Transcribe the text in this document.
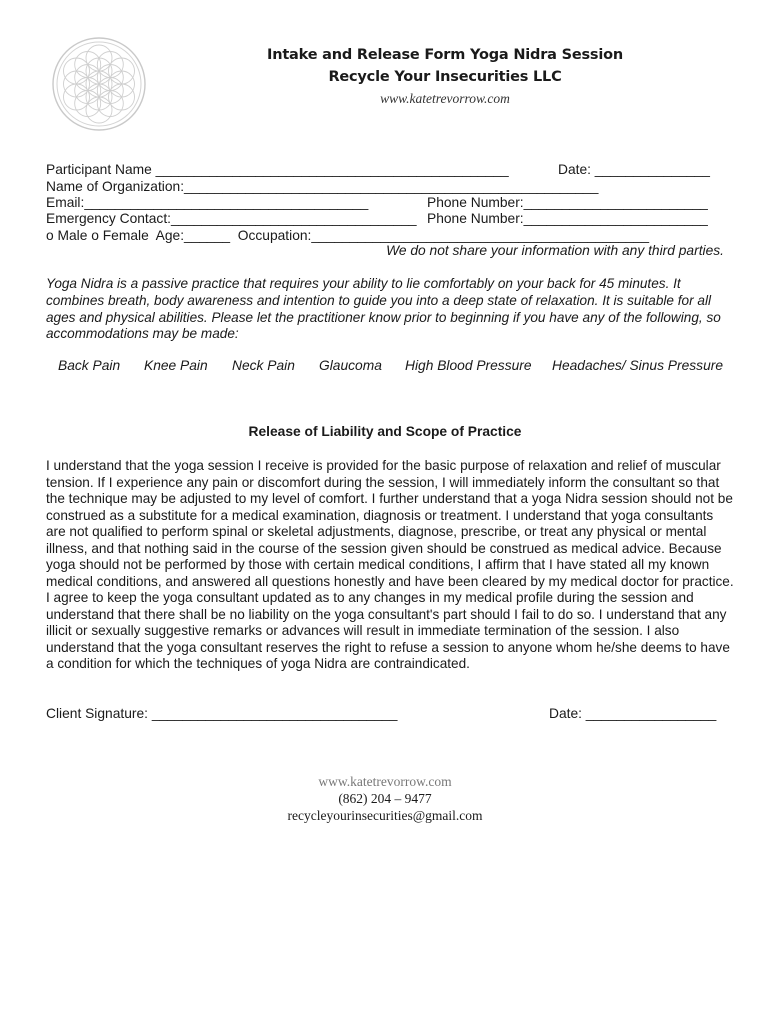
Intake and Release Form Yoga Nidra Session
Recycle Your Insecurities LLC
www.katetrevorrow.com
Participant Name ______________________________________________	Date: _______________
Name of Organization:______________________________________________________
Email:_____________________________________	Phone Number:________________________
Emergency Contact:________________________________ Phone Number:________________________
o Male o Female  Age:______  Occupation:____________________________________________
We do not share your information with any third parties.
Yoga Nidra is a passive practice that requires your ability to lie comfortably on your back for 45 minutes. It combines breath, body awareness and intention to guide you into a deep state of relaxation. It is suitable for all ages and physical abilities. Please let the practitioner know prior to beginning if you have any of the following, so accommodations may be made:
Back Pain Knee Pain Neck Pain Glaucoma High Blood Pressure Headaches/ Sinus Pressure
Release of Liability and Scope of Practice
I understand that the yoga session I receive is provided for the basic purpose of relaxation and relief of muscular tension. If I experience any pain or discomfort during the session, I will immediately inform the consultant so that the technique may be adjusted to my level of comfort. I further understand that a yoga Nidra session should not be construed as a substitute for a medical examination, diagnosis or treatment. I understand that yoga consultants are not qualified to perform spinal or skeletal adjustments, diagnose, prescribe, or treat any physical or mental illness, and that nothing said in the course of the session given should be construed as medical advice. Because yoga should not be performed by those with certain medical conditions, I affirm that I have stated all my known medical conditions, and answered all questions honestly and have been cleared by my medical doctor for practice. I agree to keep the yoga consultant updated as to any changes in my medical profile during the session and understand that there shall be no liability on the yoga consultant's part should I fail to do so. I understand that any illicit or sexually suggestive remarks or advances will result in immediate termination of the session. I also understand that the yoga consultant reserves the right to refuse a session to anyone whom he/she deems to have a condition for which the techniques of yoga Nidra are contraindicated.
Client Signature: ________________________________	Date: _________________
www.katetrevorrow.com
(862) 204 – 9477
recycleyourinsecurities@gmail.com
